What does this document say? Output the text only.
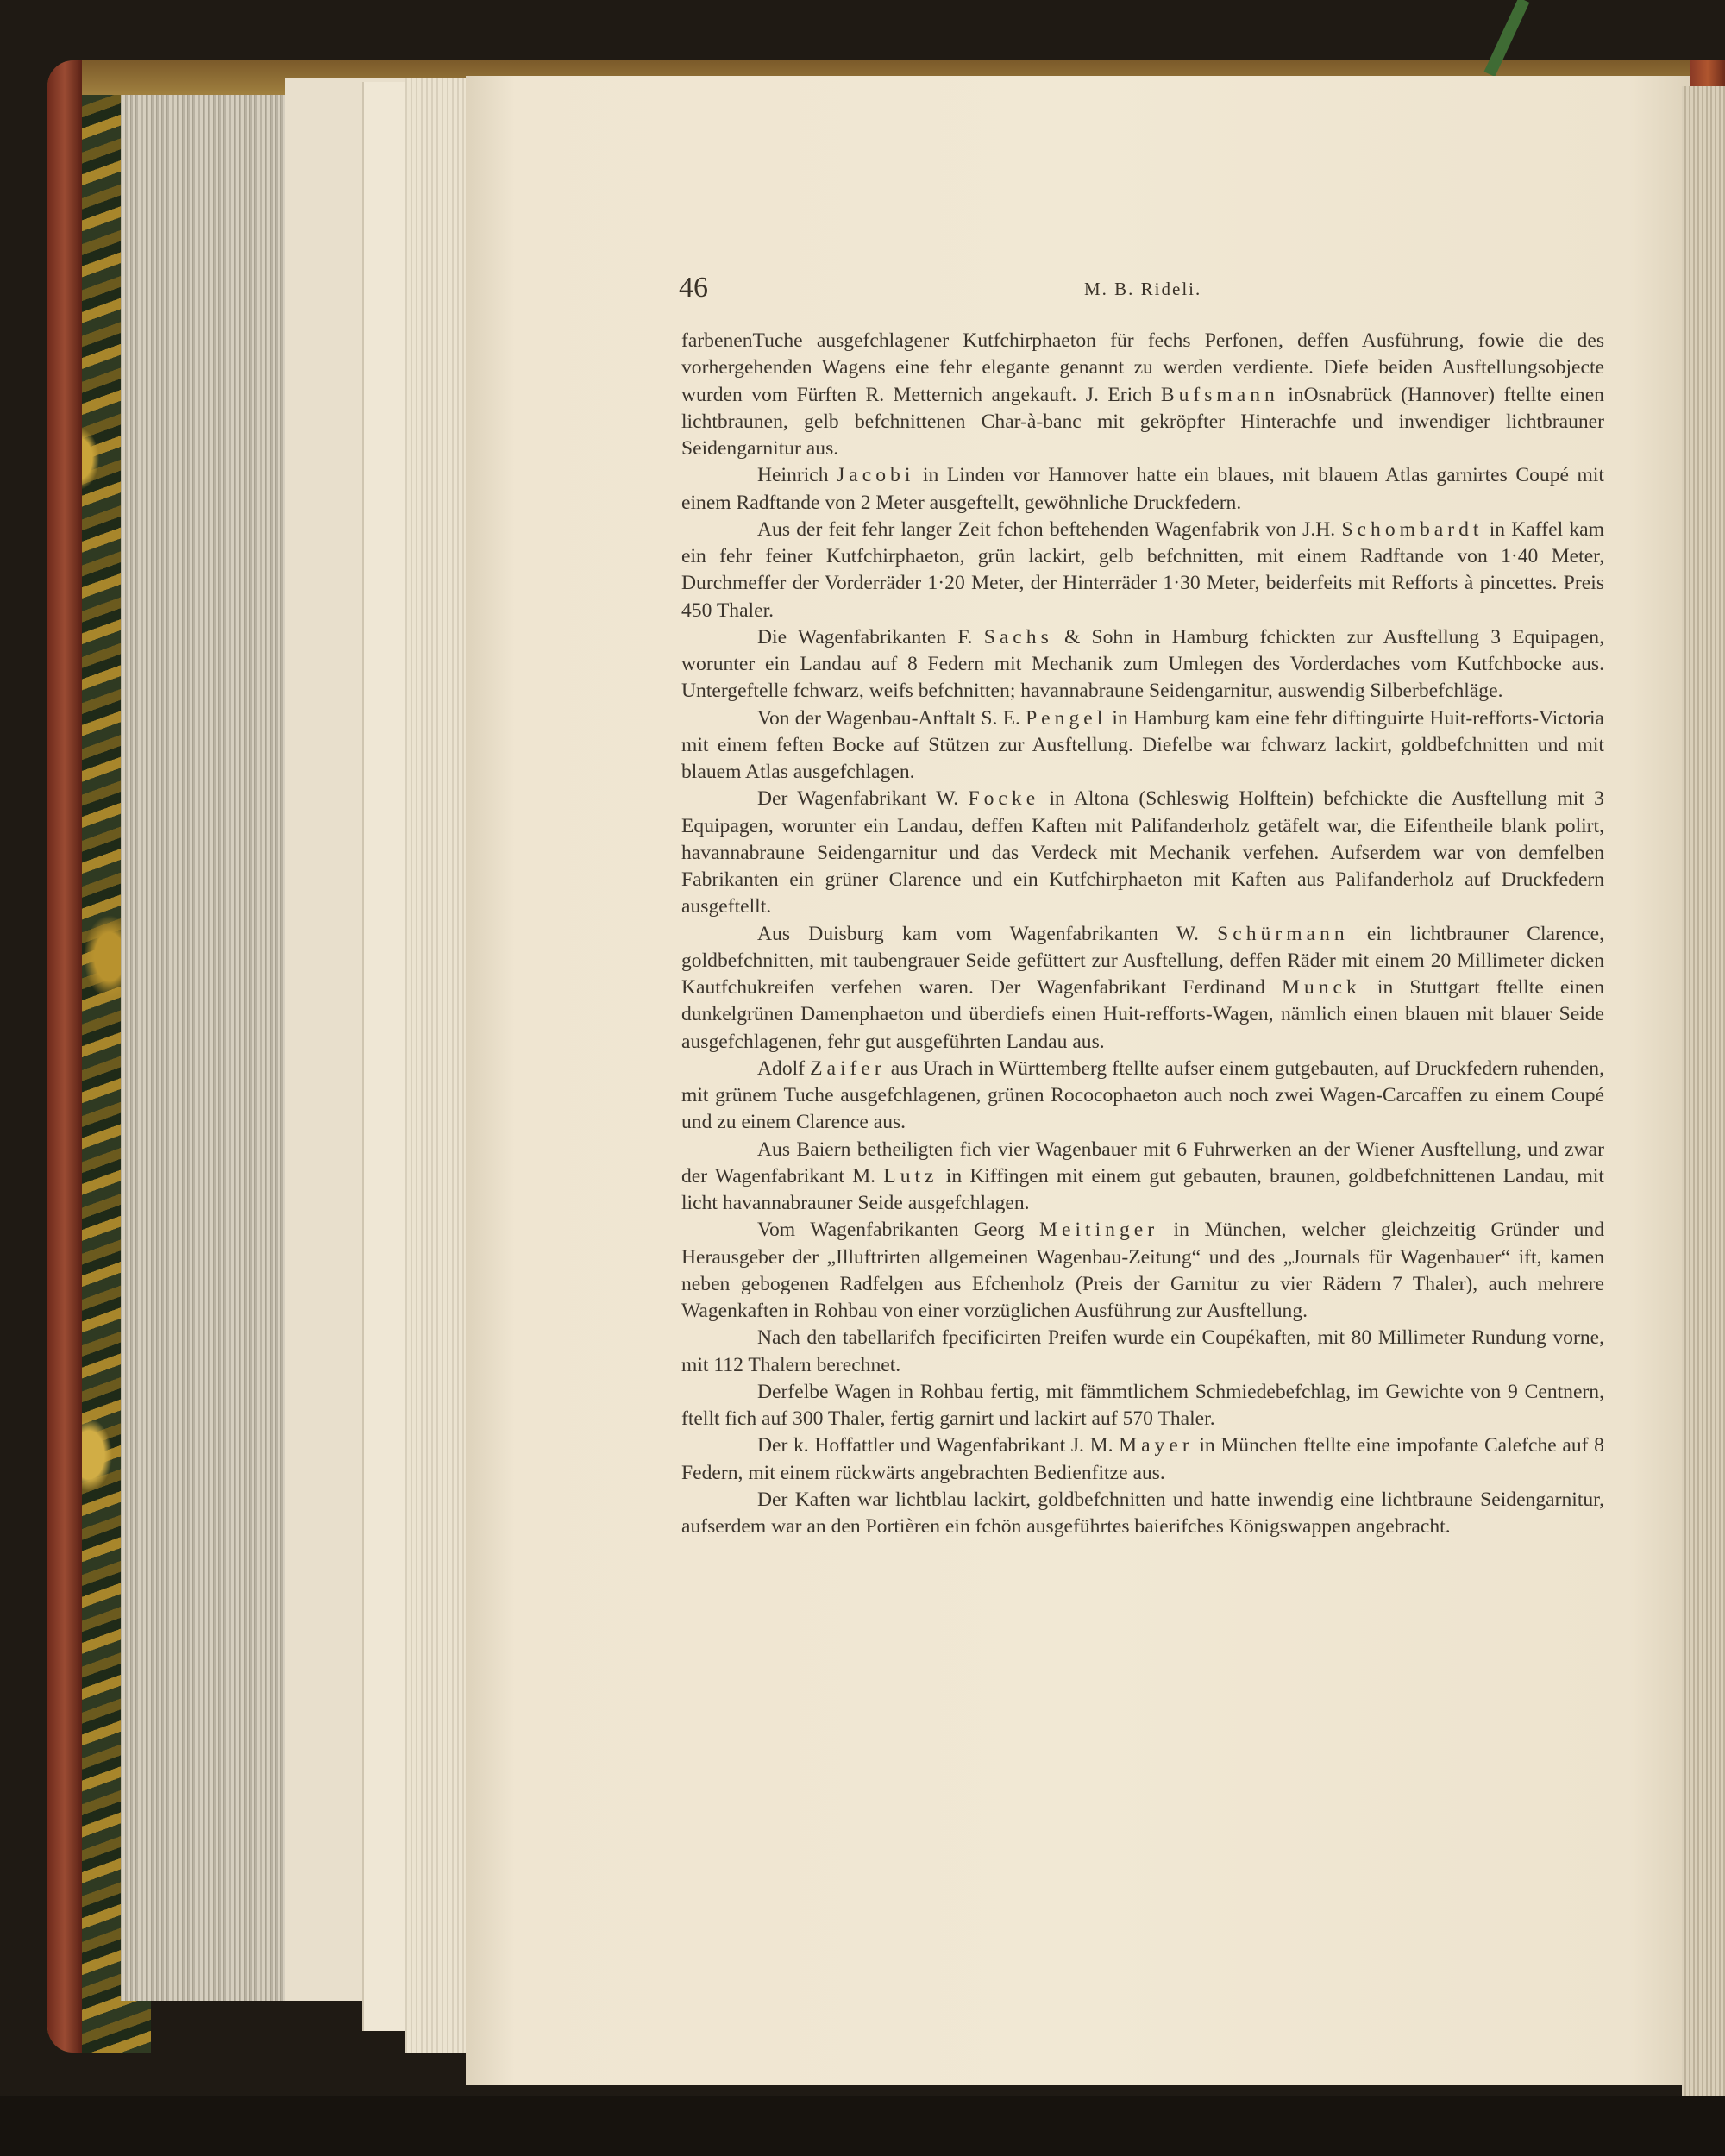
46	M. B. Rideli.

farbenenTuche ausgefchlagener Kutfchirphaeton für fechs Perfonen, deffen Ausführung, fowie die des vorhergehenden Wagens eine fehr elegante genannt zu werden verdiente. Diefe beiden Ausftellungsobjecte wurden vom Fürften R. Metternich angekauft. J. Erich Bufsmann inOsnabrück (Hannover) ftellte einen lichtbraunen, gelb befchnittenen Char-à-banc mit gekröpfter Hinterachfe und inwendiger lichtbrauner Seidengarnitur aus.

Heinrich Jacobi in Linden vor Hannover hatte ein blaues, mit blauem Atlas garnirtes Coupé mit einem Radftande von 2 Meter ausgeftellt, gewöhnliche Druckfedern.

Aus der feit fehr langer Zeit fchon beftehenden Wagenfabrik von J.H. Schombardt in Kaffel kam ein fehr feiner Kutfchirphaeton, grün lackirt, gelb befchnitten, mit einem Radftande von 1·40 Meter, Durchmeffer der Vorderräder 1·20 Meter, der Hinterräder 1·30 Meter, beiderfeits mit Refforts à pincettes. Preis 450 Thaler.

Die Wagenfabrikanten F. Sachs & Sohn in Hamburg fchickten zur Ausftellung 3 Equipagen, worunter ein Landau auf 8 Federn mit Mechanik zum Umlegen des Vorderdaches vom Kutfchbocke aus. Untergeftelle fchwarz, weifs befchnitten; havannabraune Seidengarnitur, auswendig Silberbefchläge.

Von der Wagenbau-Anftalt S. E. Pengel in Hamburg kam eine fehr diftinguirte Huit-refforts-Victoria mit einem feften Bocke auf Stützen zur Ausftellung. Diefelbe war fchwarz lackirt, goldbefchnitten und mit blauem Atlas ausgefchlagen.

Der Wagenfabrikant W. Focke in Altona (Schleswig Holftein) befchickte die Ausftellung mit 3 Equipagen, worunter ein Landau, deffen Kaften mit Palifanderholz getäfelt war, die Eifentheile blank polirt, havannabraune Seidengarnitur und das Verdeck mit Mechanik verfehen. Aufserdem war von demfelben Fabrikanten ein grüner Clarence und ein Kutfchirphaeton mit Kaften aus Palifanderholz auf Druckfedern ausgeftellt.

Aus Duisburg kam vom Wagenfabrikanten W. Schürmann ein lichtbrauner Clarence, goldbefchnitten, mit taubengrauer Seide gefüttert zur Ausftellung, deffen Räder mit einem 20 Millimeter dicken Kautfchukreifen verfehen waren. Der Wagenfabrikant Ferdinand Munck in Stuttgart ftellte einen dunkelgrünen Damenphaeton und überdiefs einen Huit-refforts-Wagen, nämlich einen blauen mit blauer Seide ausgefchlagenen, fehr gut ausgeführten Landau aus.

Adolf Zaifer aus Urach in Württemberg ftellte aufser einem gutgebauten, auf Druckfedern ruhenden, mit grünem Tuche ausgefchlagenen, grünen Rococophaeton auch noch zwei Wagen-Carcaffen zu einem Coupé und zu einem Clarence aus.

Aus Baiern betheiligten fich vier Wagenbauer mit 6 Fuhrwerken an der Wiener Ausftellung, und zwar der Wagenfabrikant M. Lutz in Kiffingen mit einem gut gebauten, braunen, goldbefchnittenen Landau, mit licht havannabrauner Seide ausgefchlagen.

Vom Wagenfabrikanten Georg Meitinger in München, welcher gleichzeitig Gründer und Herausgeber der „Illuftrirten allgemeinen Wagenbau-Zeitung“ und des „Journals für Wagenbauer“ ift, kamen neben gebogenen Radfelgen aus Efchenholz (Preis der Garnitur zu vier Rädern 7 Thaler), auch mehrere Wagenkaften in Rohbau von einer vorzüglichen Ausführung zur Ausftellung.

Nach den tabellarifch fpecificirten Preifen wurde ein Coupékaften, mit 80 Millimeter Rundung vorne, mit 112 Thalern berechnet.

Derfelbe Wagen in Rohbau fertig, mit fämmtlichem Schmiedebefchlag, im Gewichte von 9 Centnern, ftellt fich auf 300 Thaler, fertig garnirt und lackirt auf 570 Thaler.

Der k. Hoffattler und Wagenfabrikant J. M. Mayer in München ftellte eine impofante Calefche auf 8 Federn, mit einem rückwärts angebrachten Bedienfitze aus.

Der Kaften war lichtblau lackirt, goldbefchnitten und hatte inwendig eine lichtbraune Seidengarnitur, aufserdem war an den Portièren ein fchön ausgeführtes baierifches Königswappen angebracht.
